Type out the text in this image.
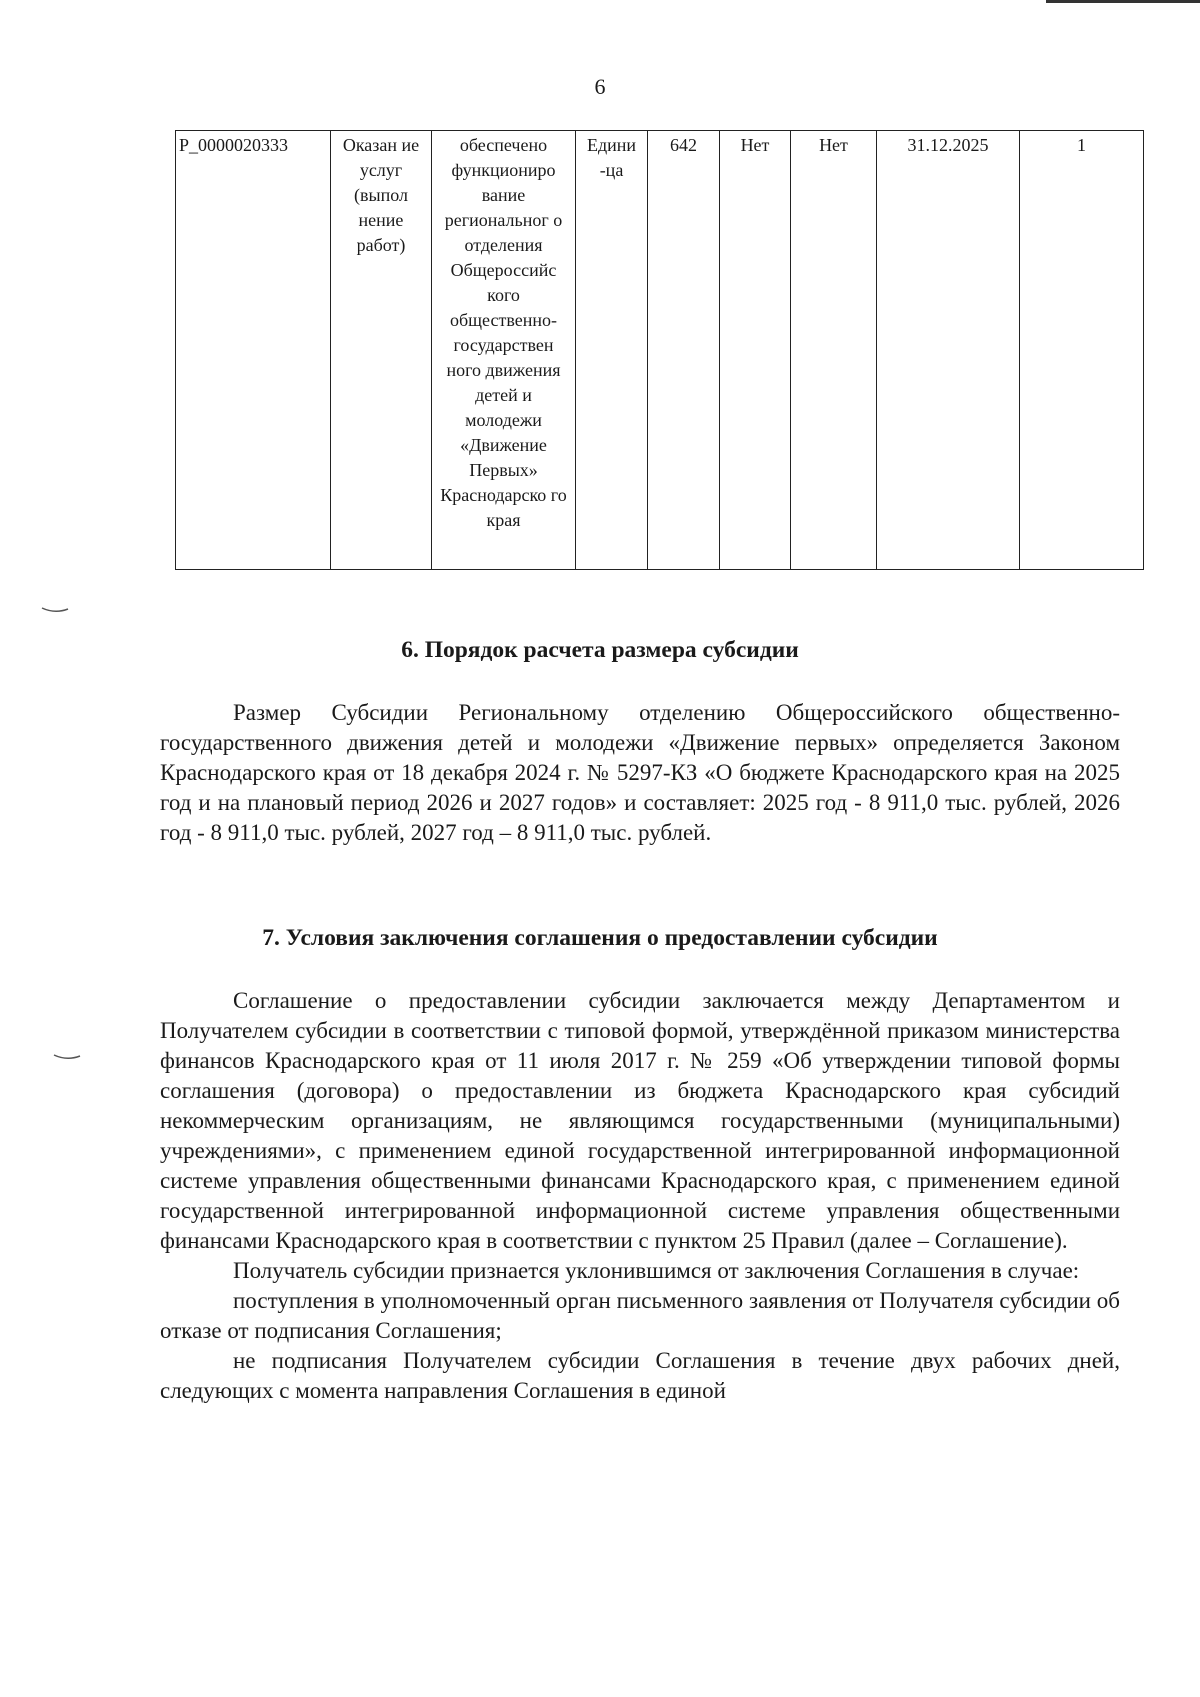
6
P_0000020333	Оказан ие услуг (выпол нение работ)	обеспечено функциониро вание региональног о отделения Общероссийс кого общественно-государствен ного движения детей и молодежи «Движение Первых» Краснодарско го края	Едини -ца	642	Нет	Нет	31.12.2025	1
6. Порядок расчета размера субсидии

Размер Субсидии Региональному отделению Общероссийского общественно-государственного движения детей и молодежи «Движение первых» определяется Законом Краснодарского края от 18 декабря 2024 г. № 5297-КЗ «О бюджете Краснодарского края на 2025 год и на плановый период 2026 и 2027 годов» и составляет: 2025 год - 8 911,0 тыс. рублей, 2026 год - 8 911,0 тыс. рублей, 2027 год – 8 911,0 тыс. рублей.

7. Условия заключения соглашения о предоставлении субсидии

Соглашение о предоставлении субсидии заключается между Департаментом и Получателем субсидии в соответствии с типовой формой, утверждённой приказом министерства финансов Краснодарского края от 11 июля 2017 г. № 259 «Об утверждении типовой формы соглашения (договора) о предоставлении из бюджета Краснодарского края субсидий некоммерческим организациям, не являющимся государственными (муниципальными) учреждениями», с применением единой государственной интегрированной информационной системе управления общественными финансами Краснодарского края, с применением единой государственной интегрированной информационной системе управления общественными финансами Краснодарского края в соответствии с пунктом 25 Правил (далее – Соглашение).

Получатель субсидии признается уклонившимся от заключения Соглашения в случае:

поступления в уполномоченный орган письменного заявления от Получателя субсидии об отказе от подписания Соглашения;

не подписания Получателем субсидии Соглашения в течение двух рабочих дней, следующих с момента направления Соглашения в единой
